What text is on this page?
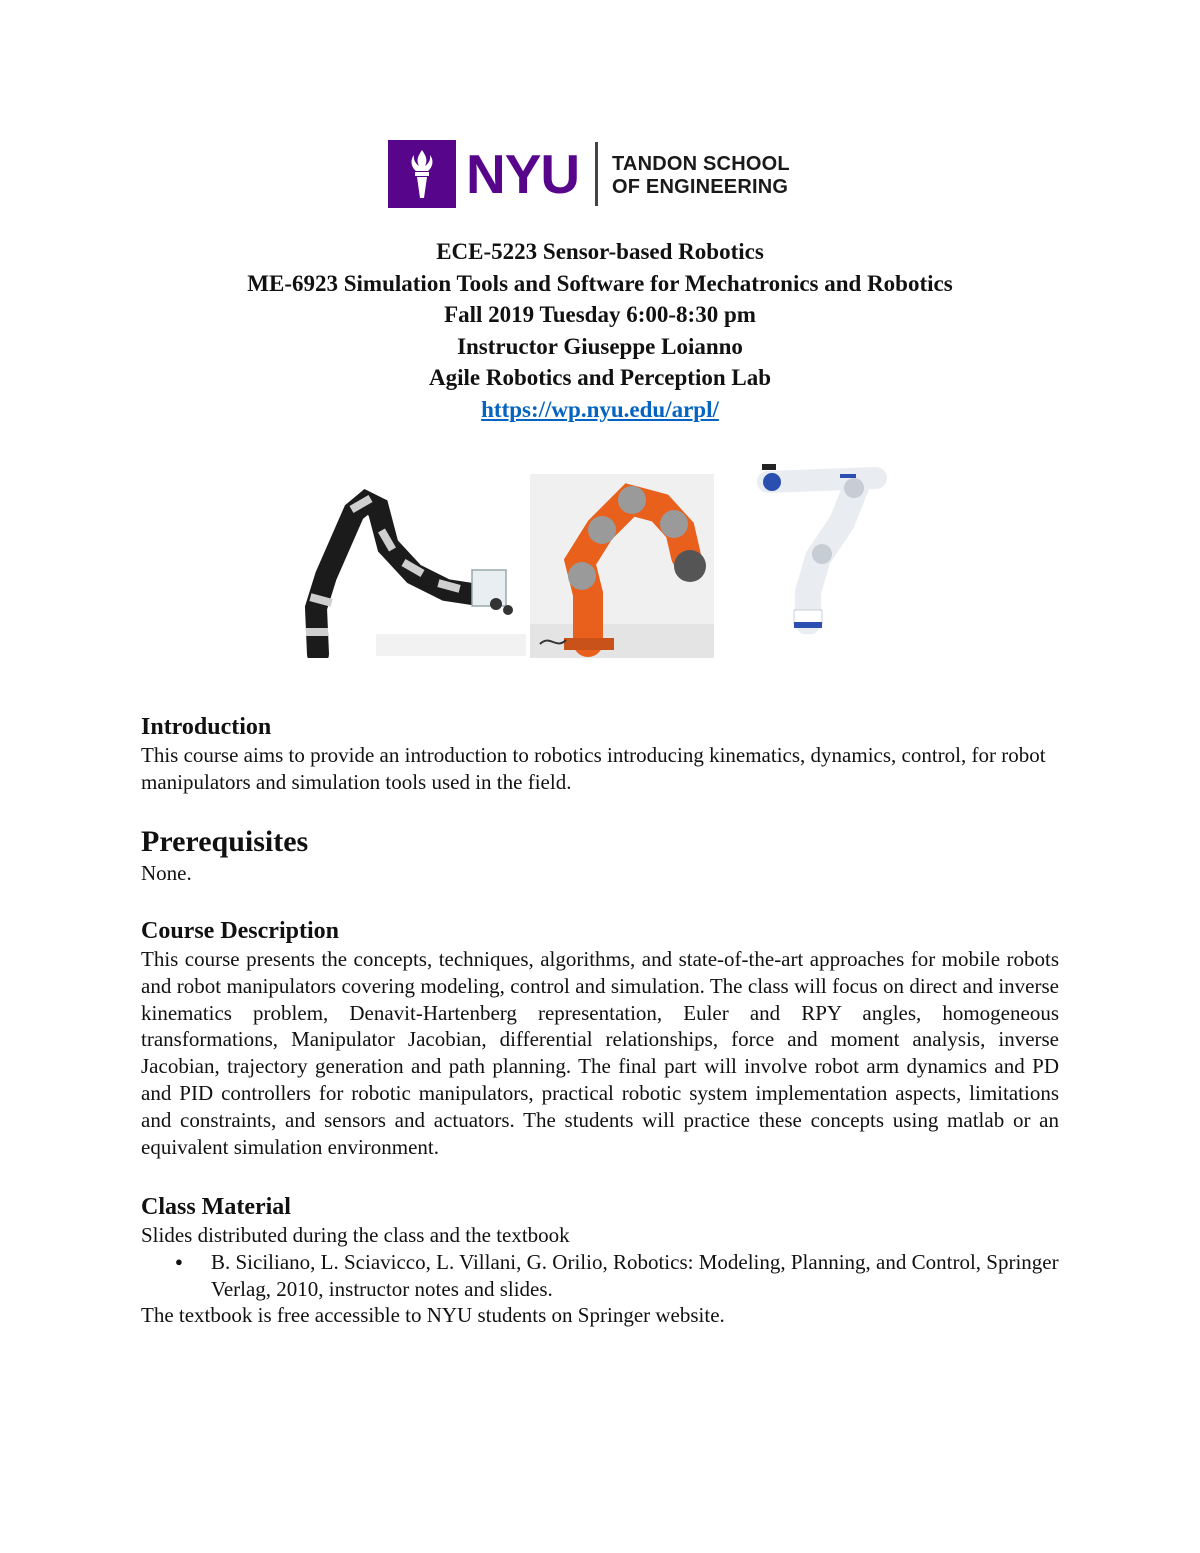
NYU TANDON SCHOOL
OF ENGINEERING
ECE-5223 Sensor-based Robotics
ME-6923 Simulation Tools and Software for Mechatronics and Robotics
Fall 2019 Tuesday 6:00-8:30 pm
Instructor Giuseppe Loianno
Agile Robotics and Perception Lab
https://wp.nyu.edu/arpl/

Introduction

This course aims to provide an introduction to robotics introducing kinematics, dynamics, control, for robot manipulators and simulation tools used in the field.

Prerequisites

None.

Course Description

This course presents the concepts, techniques, algorithms, and state-of-the-art approaches for mobile robots and robot manipulators covering modeling, control and simulation. The class will focus on direct and inverse kinematics problem, Denavit-Hartenberg representation, Euler and RPY angles, homogeneous transformations, Manipulator Jacobian, differential relationships, force and moment analysis, inverse Jacobian, trajectory generation and path planning. The final part will involve robot arm dynamics and PD and PID controllers for robotic manipulators, practical robotic system implementation aspects, limitations and constraints, and sensors and actuators. The students will practice these concepts using matlab or an equivalent simulation environment.

Class Material

Slides distributed during the class and the textbook

● B. Siciliano, L. Sciavicco, L. Villani, G. Orilio, Robotics: Modeling, Planning, and Control, Springer Verlag, 2010, instructor notes and slides.

The textbook is free accessible to NYU students on Springer website.
